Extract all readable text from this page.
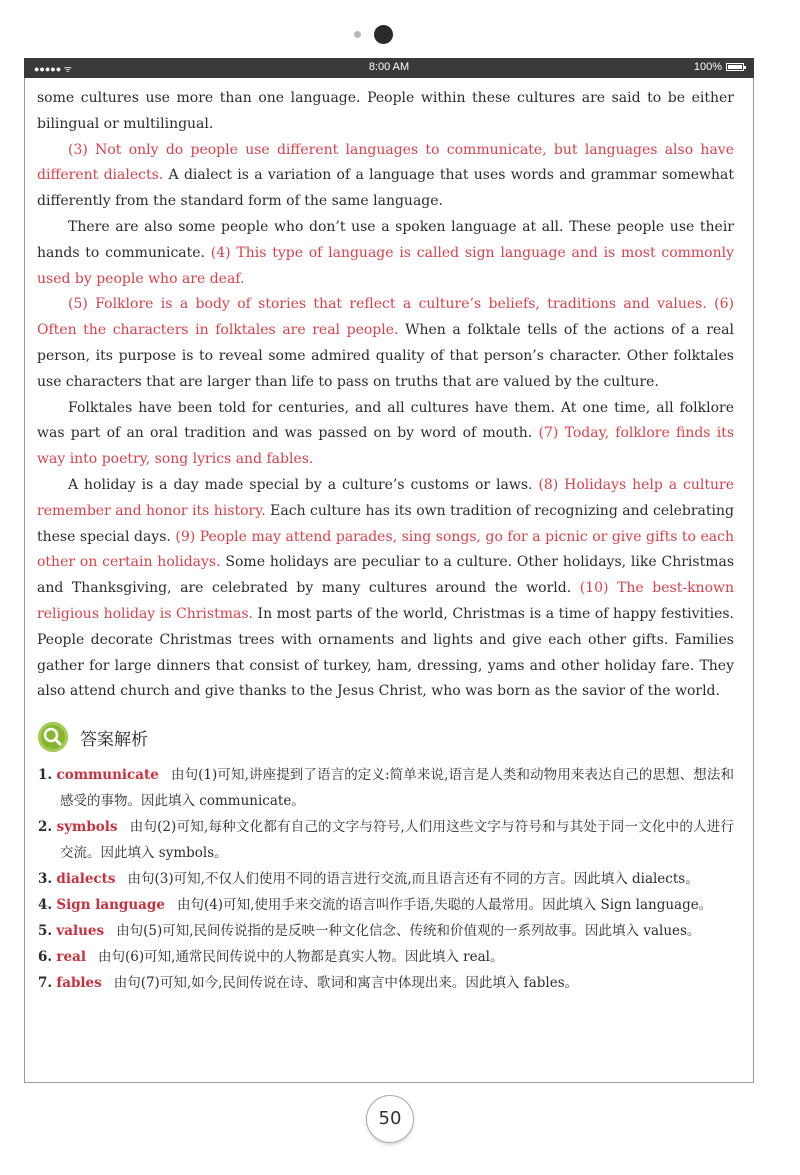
●●●●● ᯤ	8:00 AM	100%

some cultures use more than one language. People within these cultures are said to be either bilingual or multilingual.

(3) Not only do people use different languages to communicate, but languages also have different dialects. A dialect is a variation of a language that uses words and grammar somewhat differently from the standard form of the same language.

There are also some people who don’t use a spoken language at all. These people use their hands to communicate. (4) This type of language is called sign language and is most commonly used by people who are deaf.

(5) Folklore is a body of stories that reflect a culture’s beliefs, traditions and values. (6) Often the characters in folktales are real people. When a folktale tells of the actions of a real person, its purpose is to reveal some admired quality of that person’s character. Other folktales use characters that are larger than life to pass on truths that are valued by the culture.

Folktales have been told for centuries, and all cultures have them. At one time, all folklore was part of an oral tradition and was passed on by word of mouth. (7) Today, folklore finds its way into poetry, song lyrics and fables.

A holiday is a day made special by a culture’s customs or laws. (8) Holidays help a culture remember and honor its history. Each culture has its own tradition of recognizing and celebrating these special days. (9) People may attend parades, sing songs, go for a picnic or give gifts to each other on certain holidays. Some holidays are peculiar to a culture. Other holidays, like Christmas and Thanksgiving, are celebrated by many cultures around the world. (10) The best-known religious holiday is Christmas. In most parts of the world, Christmas is a time of happy festivities. People decorate Christmas trees with ornaments and lights and give each other gifts. Families gather for large dinners that consist of turkey, ham, dressing, yams and other holiday fare. They also attend church and give thanks to the Jesus Christ, who was born as the savior of the world.

答案解析

1. communicate 由句(1)可知,讲座提到了语言的定义:简单来说,语言是人类和动物用来表达自己的思想、想法和感受的事物。因此填入 communicate。

2. symbols 由句(2)可知,每种文化都有自己的文字与符号,人们用这些文字与符号和与其处于同一文化中的人进行交流。因此填入 symbols。

3. dialects 由句(3)可知,不仅人们使用不同的语言进行交流,而且语言还有不同的方言。因此填入 dialects。

4. Sign language 由句(4)可知,使用手来交流的语言叫作手语,失聪的人最常用。因此填入 Sign language。

5. values 由句(5)可知,民间传说指的是反映一种文化信念、传统和价值观的一系列故事。因此填入 values。

6. real 由句(6)可知,通常民间传说中的人物都是真实人物。因此填入 real。

7. fables 由句(7)可知,如今,民间传说在诗、歌词和寓言中体现出来。因此填入 fables。

50
